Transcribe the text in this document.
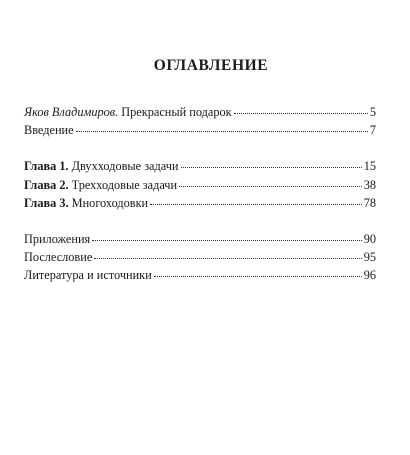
ОГЛАВЛЕНИЕ
Яков Владимиров. Прекрасный подарок	5
Введение	7
Глава 1. Двухходовые задачи	15
Глава 2. Трехходовые задачи	38
Глава 3. Многоходовки	78
Приложения	90
Послесловие	95
Литература и источники	96
